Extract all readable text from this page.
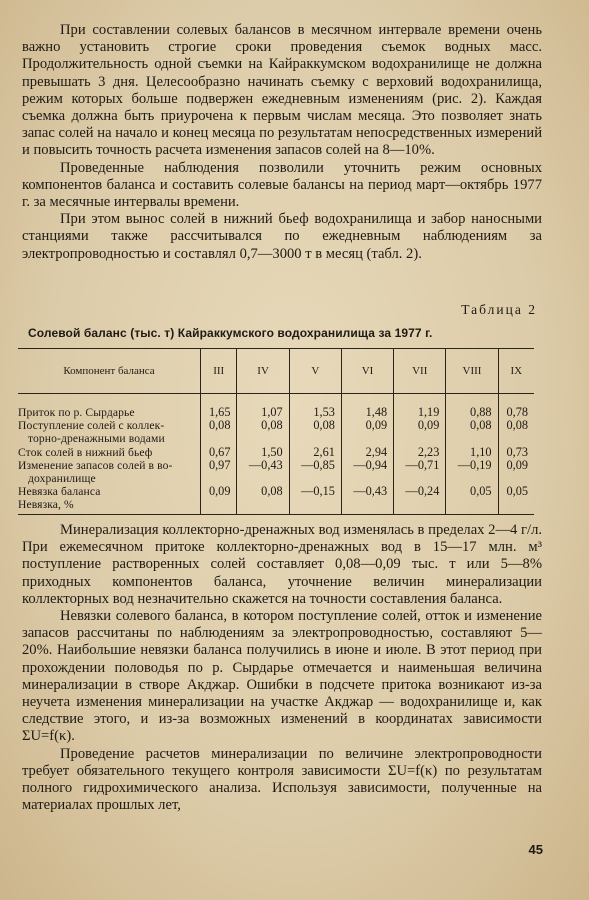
При составлении солевых балансов в месячном интервале времени очень важно установить строгие сроки проведения съемок водных масс. Продолжительность одной съемки на Кайраккумском водохранилище не должна превышать 3 дня. Целесообразно начинать съемку с верховий водохранилища, режим которых больше подвержен ежедневным изменениям (рис. 2). Каждая съемка должна быть приурочена к первым числам месяца. Это позволяет знать запас солей на начало и конец месяца по результатам непосредственных измерений и повысить точность расчета изменения запасов солей на 8—10%.

Проведенные наблюдения позволили уточнить режим основных компонентов баланса и составить солевые балансы на период март—октябрь 1977 г. за месячные интервалы времени.

При этом вынос солей в нижний бьеф водохранилища и забор наносными станциями также рассчитывался по ежедневным наблюдениям за электропроводностью и составлял 0,7—3000 т в месяц (табл. 2).

Таблица 2
Солевой баланс (тыс. т) Кайраккумского водохранилища за 1977 г.
Компонент баланса	III	IV	V	VI	VII	VIII	IX
Приток по р. Сырдарье	1,65	1,07	1,53	1,48	1,19	0,88	0,78

Поступление солей с коллек-
торно-дренажными водами	0,08	0,08	0,08	0,09	0,09	0,08	0,08
Сток солей в нижний бьеф	0,67	1,50	2,61	2,94	2,23	1,10	0,73

Изменение запасов солей в во-
дохранилище	0,97	—0,43	—0,85	—0,94	—0,71	—0,19	0,09
Невязка баланса	0,09	0,08	—0,15	—0,43	—0,24	0,05	0,05
Невязка, %							

Минерализация коллекторно-дренажных вод изменялась в пределах 2—4 г/л. При ежемесячном притоке коллекторно-дренажных вод в 15—17 млн. м³ поступление растворенных солей составляет 0,08—0,09 тыс. т или 5—8% приходных компонентов баланса, уточнение величин минерализации коллекторных вод незначительно скажется на точности составления баланса.

Невязки солевого баланса, в котором поступление солей, отток и изменение запасов рассчитаны по наблюдениям за электропроводностью, составляют 5—20%. Наибольшие невязки баланса получились в июне и июле. В этот период при прохождении половодья по р. Сырдарье отмечается и наименьшая величина минерализации в створе Акджар. Ошибки в подсчете притока возникают из-за неучета изменения минерализации на участке Акджар — водохранилище и, как следствие этого, и из-за возможных изменений в координатах зависимости ΣU=f(κ).

Проведение расчетов минерализации по величине электропроводности требует обязательного текущего контроля зависимости ΣU=f(κ) по результатам полного гидрохимического анализа. Используя зависимости, полученные на материалах прошлых лет,

45
